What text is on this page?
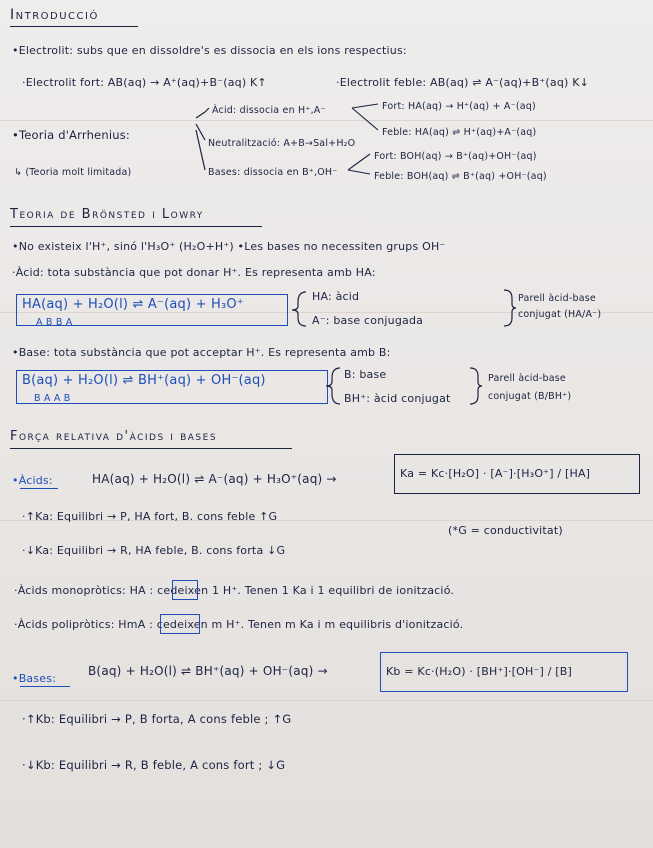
Introducció
•Electrolit: subs que en dissoldre's es dissocia en els ions respectius:
·Electrolit fort: AB(aq) → A⁺(aq)+B⁻(aq) K↑	·Electrolit feble: AB(aq) ⇌ A⁻(aq)+B⁺(aq) K↓
•Teoria d'Arrhenius:
Àcid: dissocia en H⁺,A⁻
Neutralització: A+B→Sal+H₂O
Bases: dissocia en B⁺,OH⁻
Fort: HA(aq) → H⁺(aq) + A⁻(aq)
Feble: HA(aq) ⇌ H⁺(aq)+A⁻(aq)
Fort: BOH(aq) → B⁺(aq)+OH⁻(aq)
Feble: BOH(aq) ⇌ B⁺(aq) +OH⁻(aq)
↳ (Teoria molt limitada)
Teoria de Brönsted i Lowry
•No existeix l'H⁺, sinó l'H₃O⁺ (H₂O+H⁺) •Les bases no necessiten grups OH⁻
·Àcid: tota substància que pot donar H⁺. Es representa amb HA:
HA(aq) + H₂O(l) ⇌ A⁻(aq) + H₃O⁺
A B B A
HA: àcid
A⁻: base conjugada
Parell àcid-base
conjugat (HA/A⁻)
•Base: tota substància que pot acceptar H⁺. Es representa amb B:
B(aq) + H₂O(l) ⇌ BH⁺(aq) + OH⁻(aq)
B A A B
B: base
BH⁺: àcid conjugat
Parell àcid-base
conjugat (B/BH⁺)
Força relativa d'àcids i bases
•Àcids:	HA(aq) + H₂O(l) ⇌ A⁻(aq) + H₃O⁺(aq) →	Ka = Kc·[H₂O] · [A⁻]·[H₃O⁺] / [HA]
·↑Ka: Equilibri → P, HA fort, B. cons feble ↑G
·↓Ka: Equilibri → R, HA feble, B. cons forta ↓G
(*G = conductivitat)
·Àcids monopròtics: HA : cedeixen 1 H⁺. Tenen 1 Ka i 1 equilibri de ionització.
·Àcids polipròtics: HmA : cedeixen m H⁺. Tenen m Ka i m equilibris d'ionització.
•Bases:
B(aq) + H₂O(l) ⇌ BH⁺(aq) + OH⁻(aq) →	Kb = Kc·(H₂O) · [BH⁺]·[OH⁻] / [B]
·↑Kb: Equilibri → P, B forta, A cons feble ; ↑G
·↓Kb: Equilibri → R, B feble, A cons fort ; ↓G
